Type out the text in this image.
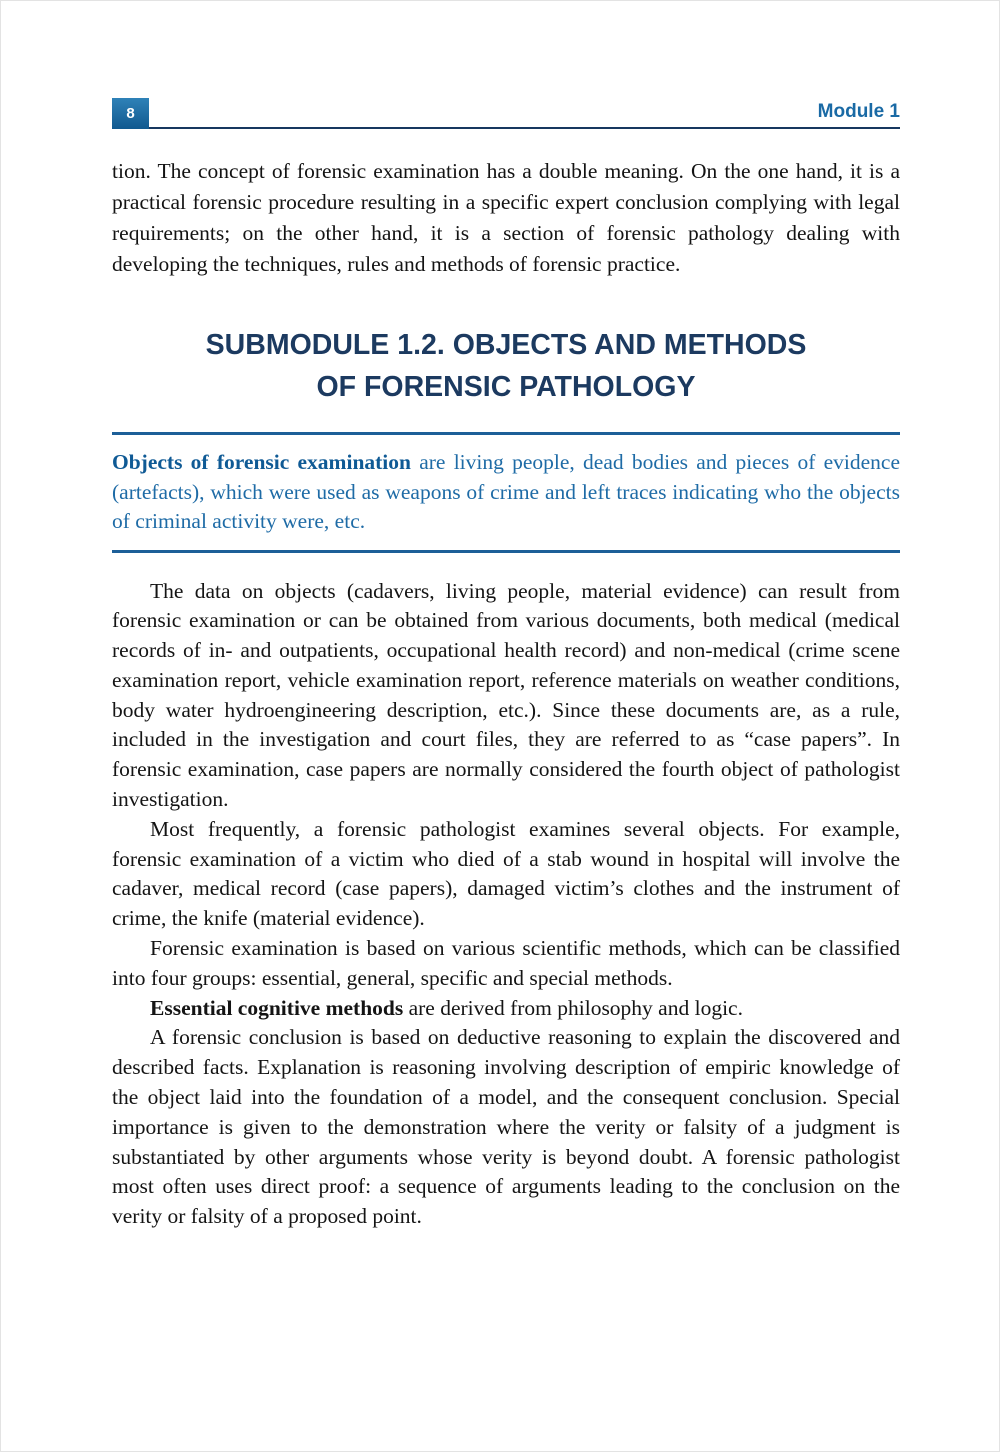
8	Module 1

tion. The concept of forensic examination has a double meaning. On the one hand, it is a practical forensic procedure resulting in a specific expert conclusion complying with legal requirements; on the other hand, it is a section of forensic pathology dealing with developing the techniques, rules and methods of forensic practice.

SUBMODULE 1.2. OBJECTS AND METHODS
OF FORENSIC PATHOLOGY

Objects of forensic examination are living people, dead bodies and pieces of evidence (artefacts), which were used as weapons of crime and left traces indicating who the objects of criminal activity were, etc.

The data on objects (cadavers, living people, material evidence) can result from forensic examination or can be obtained from various documents, both medical (medical records of in- and outpatients, occupational health record) and non-medical (crime scene examination report, vehicle examination report, reference materials on weather conditions, body water hydroengineering description, etc.). Since these documents are, as a rule, included in the investigation and court files, they are referred to as “case papers”. In forensic examination, case papers are normally considered the fourth object of pathologist investigation.

Most frequently, a forensic pathologist examines several objects. For example, forensic examination of a victim who died of a stab wound in hospital will involve the cadaver, medical record (case papers), damaged victim’s clothes and the instrument of crime, the knife (material evidence).

Forensic examination is based on various scientific methods, which can be classified into four groups: essential, general, specific and special methods.

Essential cognitive methods are derived from philosophy and logic.

A forensic conclusion is based on deductive reasoning to explain the discovered and described facts. Explanation is reasoning involving description of empiric knowledge of the object laid into the foundation of a model, and the consequent conclusion. Special importance is given to the demonstration where the verity or falsity of a judgment is substantiated by other arguments whose verity is beyond doubt. A forensic pathologist most often uses direct proof: a sequence of arguments leading to the conclusion on the verity or falsity of a proposed point.
